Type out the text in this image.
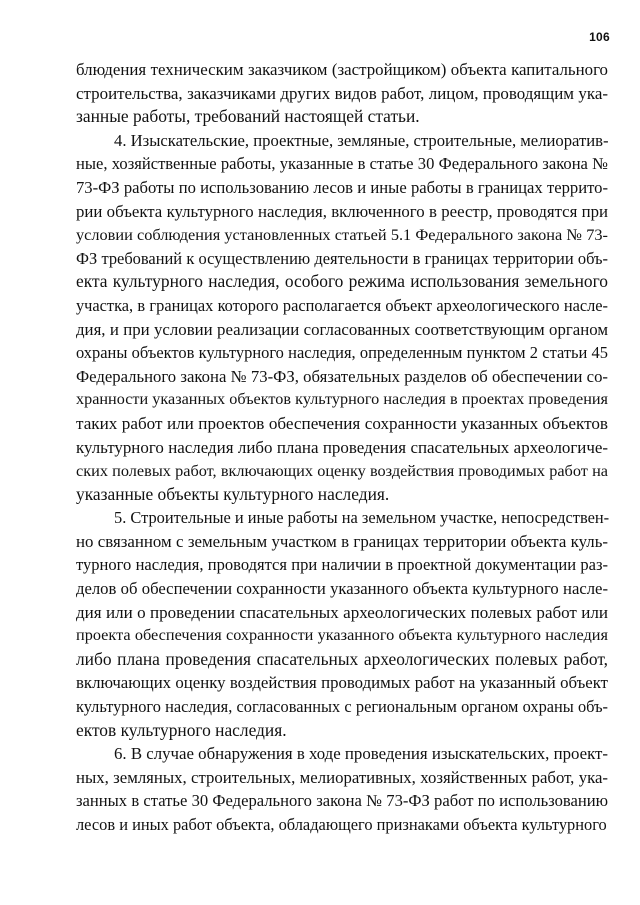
106
блюдения техническим заказчиком (застройщиком) объекта капитального
строительства, заказчиками других видов работ, лицом, проводящим ука-
занные работы, требований настоящей статьи.
4. Изыскательские, проектные, земляные, строительные, мелиоратив-
ные, хозяйственные работы, указанные в статье 30 Федерального закона №
73-ФЗ работы по использованию лесов и иные работы в границах террито-
рии объекта культурного наследия, включенного в реестр, проводятся при
условии соблюдения установленных статьей 5.1 Федерального закона № 73-
ФЗ требований к осуществлению деятельности в границах территории объ-
екта культурного наследия, особого режима использования земельного
участка, в границах которого располагается объект археологического насле-
дия, и при условии реализации согласованных соответствующим органом
охраны объектов культурного наследия, определенным пунктом 2 статьи 45
Федерального закона № 73-ФЗ, обязательных разделов об обеспечении со-
хранности указанных объектов культурного наследия в проектах проведения
таких работ или проектов обеспечения сохранности указанных объектов
культурного наследия либо плана проведения спасательных археологиче-
ских полевых работ, включающих оценку воздействия проводимых работ на
указанные объекты культурного наследия.
5. Строительные и иные работы на земельном участке, непосредствен-
но связанном с земельным участком в границах территории объекта куль-
турного наследия, проводятся при наличии в проектной документации раз-
делов об обеспечении сохранности указанного объекта культурного насле-
дия или о проведении спасательных археологических полевых работ или
проекта обеспечения сохранности указанного объекта культурного наследия
либо плана проведения спасательных археологических полевых работ,
включающих оценку воздействия проводимых работ на указанный объект
культурного наследия, согласованных с региональным органом охраны объ-
ектов культурного наследия.
6. В случае обнаружения в ходе проведения изыскательских, проект-
ных, земляных, строительных, мелиоративных, хозяйственных работ, ука-
занных в статье 30 Федерального закона № 73-ФЗ работ по использованию
лесов и иных работ объекта, обладающего признаками объекта культурного
